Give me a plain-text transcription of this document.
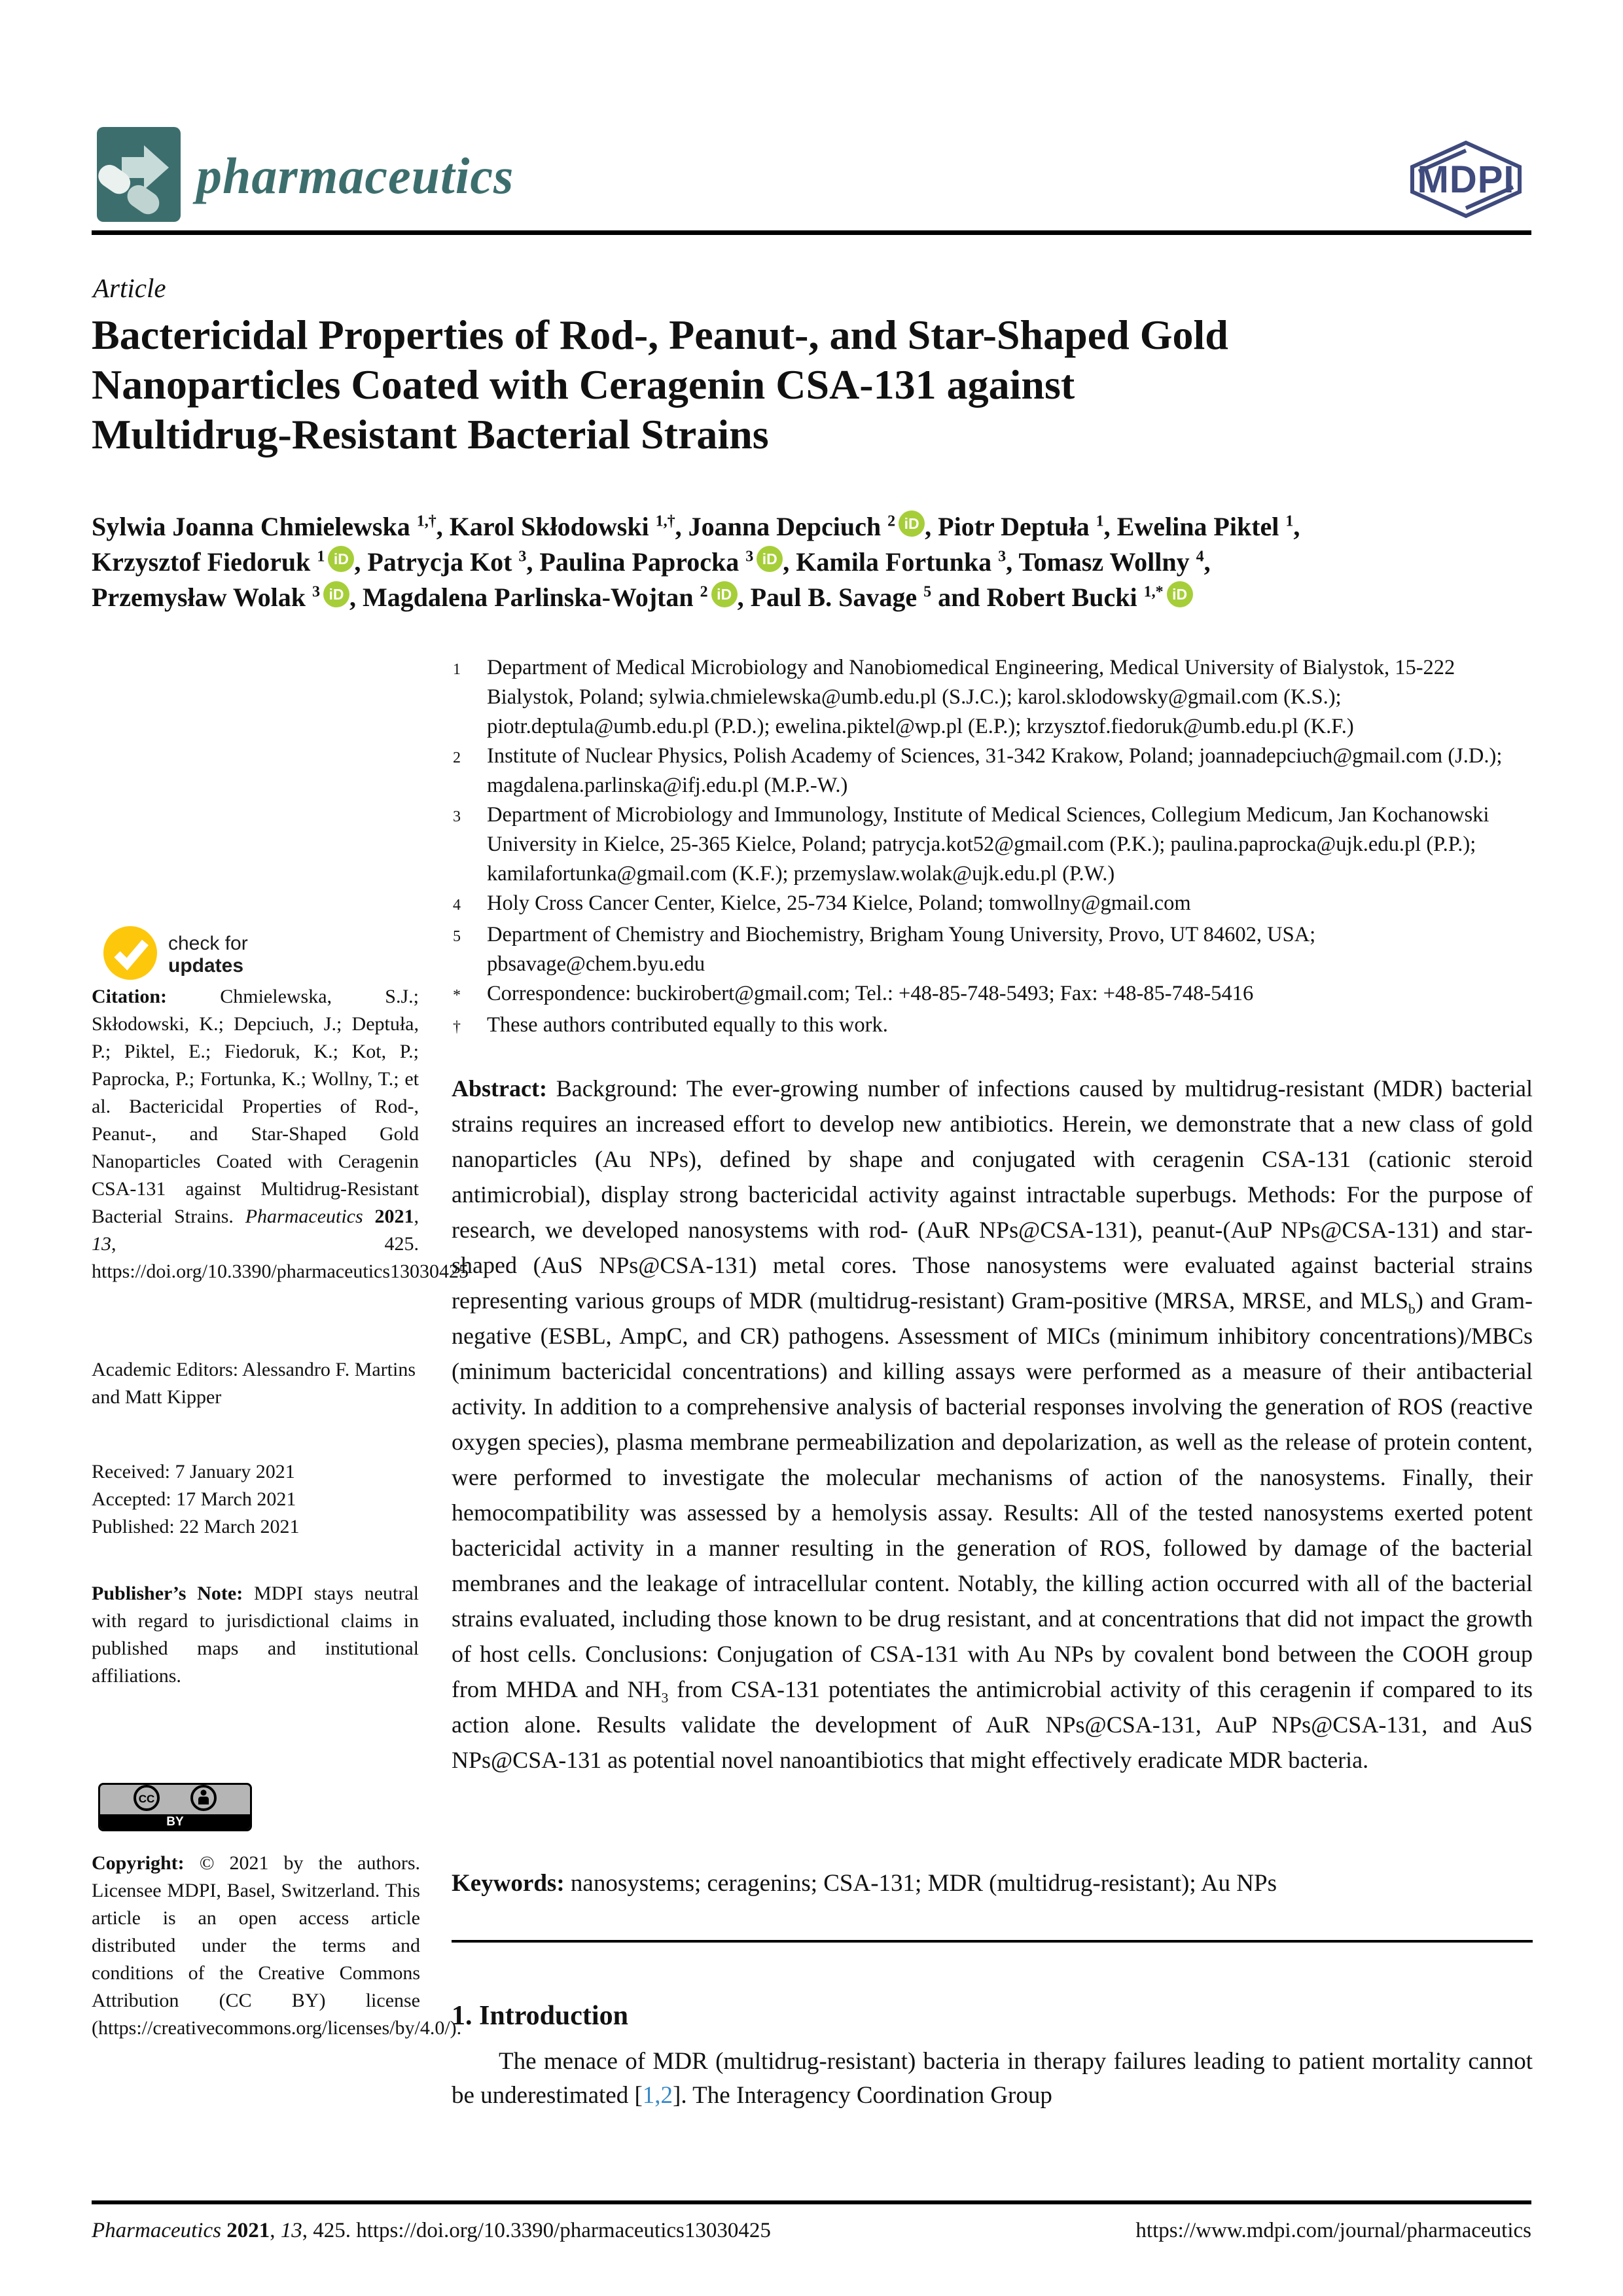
pharmaceutics	MDPI
Article
Bactericidal Properties of Rod-, Peanut-, and Star-Shaped Gold
Nanoparticles Coated with Ceragenin CSA-131 against
Multidrug-Resistant Bacterial Strains
Sylwia Joanna Chmielewska $^{1,\dagger}$, Karol Skłodowski $^{1,\dagger}$, Joanna Depciuch $^2$ iD , Piotr Deptuła $^1$, Ewelina Piktel $^1$,
Krzysztof Fiedoruk $^1$ iD , Patrycja Kot $^3$, Paulina Paprocka $^3$ iD , Kamila Fortunka $^3$, Tomasz Wollny $^4$,
Przemysław Wolak $^3$ iD , Magdalena Parlinska-Wojtan $^2$ iD , Paul B. Savage $^5$ and Robert Bucki $^{1,*}$ iD
1	Department of Medical Microbiology and Nanobiomedical Engineering, Medical University of Bialystok, 15-222 Bialystok, Poland; sylwia.chmielewska@umb.edu.pl (S.J.C.); karol.sklodowsky@gmail.com (K.S.); piotr.deptula@umb.edu.pl (P.D.); ewelina.piktel@wp.pl (E.P.); krzysztof.fiedoruk@umb.edu.pl (K.F.)
2	Institute of Nuclear Physics, Polish Academy of Sciences, 31-342 Krakow, Poland; joannadepciuch@gmail.com (J.D.); magdalena.parlinska@ifj.edu.pl (M.P.-W.)
3	Department of Microbiology and Immunology, Institute of Medical Sciences, Collegium Medicum, Jan Kochanowski University in Kielce, 25-365 Kielce, Poland; patrycja.kot52@gmail.com (P.K.); paulina.paprocka@ujk.edu.pl (P.P.); kamilafortunka@gmail.com (K.F.); przemyslaw.wolak@ujk.edu.pl (P.W.)
4	Holy Cross Cancer Center, Kielce, 25-734 Kielce, Poland; tomwollny@gmail.com
5	Department of Chemistry and Biochemistry, Brigham Young University, Provo, UT 84602, USA; pbsavage@chem.byu.edu
*	Correspondence: buckirobert@gmail.com; Tel.: +48-85-748-5493; Fax: +48-85-748-5416
†	These authors contributed equally to this work.
Abstract: Background: The ever-growing number of infections caused by multidrug-resistant (MDR) bacterial strains requires an increased effort to develop new antibiotics. Herein, we demonstrate that a new class of gold nanoparticles (Au NPs), defined by shape and conjugated with ceragenin CSA-131 (cationic steroid antimicrobial), display strong bactericidal activity against intractable superbugs. Methods: For the purpose of research, we developed nanosystems with rod- (AuR NPs@CSA-131), peanut-(AuP NPs@CSA-131) and star-shaped (AuS NPs@CSA-131) metal cores. Those nanosystems were evaluated against bacterial strains representing various groups of MDR (multidrug-resistant) Gram-positive (MRSA, MRSE, and $MLS_b$) and Gram-negative (ESBL, AmpC, and CR) pathogens. Assessment of MICs (minimum inhibitory concentrations)/MBCs (minimum bactericidal concentrations) and killing assays were performed as a measure of their antibacterial activity. In addition to a comprehensive analysis of bacterial responses involving the generation of ROS (reactive oxygen species), plasma membrane permeabilization and depolarization, as well as the release of protein content, were performed to investigate the molecular mechanisms of action of the nanosystems. Finally, their hemocompatibility was assessed by a hemolysis assay. Results: All of the tested nanosystems exerted potent bactericidal activity in a manner resulting in the generation of ROS, followed by damage of the bacterial membranes and the leakage of intracellular content. Notably, the killing action occurred with all of the bacterial strains evaluated, including those known to be drug resistant, and at concentrations that did not impact the growth of host cells. Conclusions: Conjugation of CSA-131 with Au NPs by covalent bond between the COOH group from MHDA and $NH_3$ from CSA-131 potentiates the antimicrobial activity of this ceragenin if compared to its action alone. Results validate the development of AuR NPs@CSA-131, AuP NPs@CSA-131, and AuS NPs@CSA-131 as potential novel nanoantibiotics that might effectively eradicate MDR bacteria.
Keywords: nanosystems; ceragenins; CSA-131; MDR (multidrug-resistant); Au NPs
1. Introduction
The menace of MDR (multidrug-resistant) bacteria in therapy failures leading to patient mortality cannot be underestimated [1,2]. The Interagency Coordination Group
check for
updates
Citation: Chmielewska, S.J.; Skłodowski, K.; Depciuch, J.; Deptuła, P.; Piktel, E.; Fiedoruk, K.; Kot, P.; Paprocka, P.; Fortunka, K.; Wollny, T.; et al. Bactericidal Properties of Rod-, Peanut-, and Star-Shaped Gold Nanoparticles Coated with Ceragenin CSA-131 against Multidrug-Resistant Bacterial Strains. Pharmaceutics 2021, 13, 425. https://doi.org/10.3390/pharmaceutics13030425
Academic Editors: Alessandro F. Martins and Matt Kipper
Received: 7 January 2021
Accepted: 17 March 2021
Published: 22 March 2021
Publisher’s Note: MDPI stays neutral with regard to jurisdictional claims in published maps and institutional affiliations.
CC
BY
Copyright: © 2021 by the authors. Licensee MDPI, Basel, Switzerland. This article is an open access article distributed under the terms and conditions of the Creative Commons Attribution (CC BY) license (https://creativecommons.org/licenses/by/4.0/).
Pharmaceutics 2021, 13, 425. https://doi.org/10.3390/pharmaceutics13030425	https://www.mdpi.com/journal/pharmaceutics
